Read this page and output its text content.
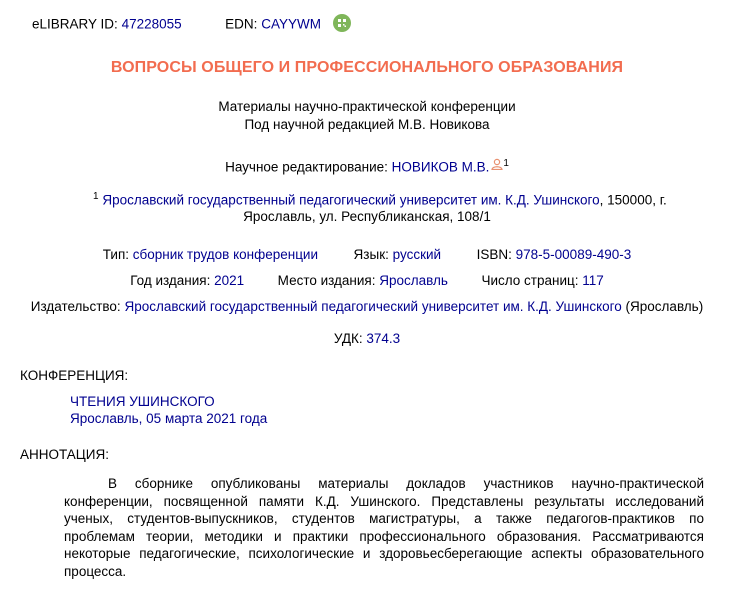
eLIBRARY ID: 47228055	EDN: CAYYWM
ВОПРОСЫ ОБЩЕГО И ПРОФЕССИОНАЛЬНОГО ОБРАЗОВАНИЯ
Материалы научно-практической конференции
Под научной редакцией М.В. Новикова
Научное редактирование: НОВИКОВ М.В. $^1$
$^1$ Ярославский государственный педагогический университет им. К.Д. Ушинского, 150000, г.
Ярославль, ул. Республиканская, 108/1
Тип: сборник трудов конференции	Язык: русский	ISBN: 978-5-00089-490-3
Год издания: 2021 Место издания: Ярославль Число страниц: 117
Издательство: Ярославский государственный педагогический университет им. К.Д. Ушинского (Ярославль)
УДК: 374.3
КОНФЕРЕНЦИЯ:
ЧТЕНИЯ УШИНСКОГО
Ярославль, 05 марта 2021 года
АННОТАЦИЯ:
В сборнике опубликованы материалы докладов участников научно-практической конференции, посвященной памяти К.Д. Ушинского. Представлены результаты исследований ученых, студентов-выпускников, студентов магистратуры, а также педагогов-практиков по проблемам теории, методики и практики профессионального образования. Рассматриваются некоторые педагогические, психологические и здоровьесберегающие аспекты образовательного процесса.
